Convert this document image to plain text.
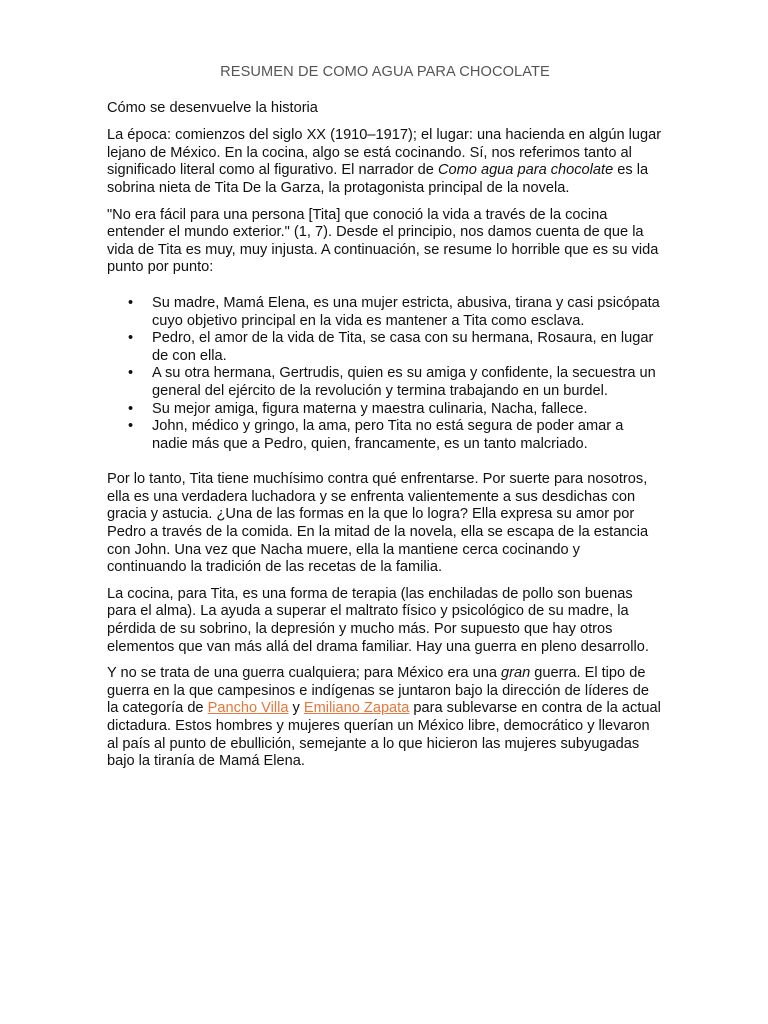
RESUMEN DE COMO AGUA PARA CHOCOLATE

Cómo se desenvuelve la historia

La época: comienzos del siglo XX (1910–1917); el lugar: una hacienda en algún lugar lejano de México. En la cocina, algo se está cocinando. Sí, nos referimos tanto al significado literal como al figurativo. El narrador de Como agua para chocolate es la sobrina nieta de Tita De la Garza, la protagonista principal de la novela.

"No era fácil para una persona [Tita] que conoció la vida a través de la cocina entender el mundo exterior." (1, 7). Desde el principio, nos damos cuenta de que la vida de Tita es muy, muy injusta. A continuación, se resume lo horrible que es su vida punto por punto:

• Su madre, Mamá Elena, es una mujer estricta, abusiva, tirana y casi psicópata cuyo objetivo principal en la vida es mantener a Tita como esclava.
• Pedro, el amor de la vida de Tita, se casa con su hermana, Rosaura, en lugar de con ella.
• A su otra hermana, Gertrudis, quien es su amiga y confidente, la secuestra un general del ejército de la revolución y termina trabajando en un burdel.
• Su mejor amiga, figura materna y maestra culinaria, Nacha, fallece.
• John, médico y gringo, la ama, pero Tita no está segura de poder amar a nadie más que a Pedro, quien, francamente, es un tanto malcriado.

Por lo tanto, Tita tiene muchísimo contra qué enfrentarse. Por suerte para nosotros, ella es una verdadera luchadora y se enfrenta valientemente a sus desdichas con gracia y astucia. ¿Una de las formas en la que lo logra? Ella expresa su amor por Pedro a través de la comida. En la mitad de la novela, ella se escapa de la estancia con John. Una vez que Nacha muere, ella la mantiene cerca cocinando y continuando la tradición de las recetas de la familia.

La cocina, para Tita, es una forma de terapia (las enchiladas de pollo son buenas para el alma). La ayuda a superar el maltrato físico y psicológico de su madre, la pérdida de su sobrino, la depresión y mucho más. Por supuesto que hay otros elementos que van más allá del drama familiar. Hay una guerra en pleno desarrollo.

Y no se trata de una guerra cualquiera; para México era una gran guerra. El tipo de guerra en la que campesinos e indígenas se juntaron bajo la dirección de líderes de la categoría de Pancho Villa y Emiliano Zapata para sublevarse en contra de la actual dictadura. Estos hombres y mujeres querían un México libre, democrático y llevaron al país al punto de ebullición, semejante a lo que hicieron las mujeres subyugadas bajo la tiranía de Mamá Elena.
